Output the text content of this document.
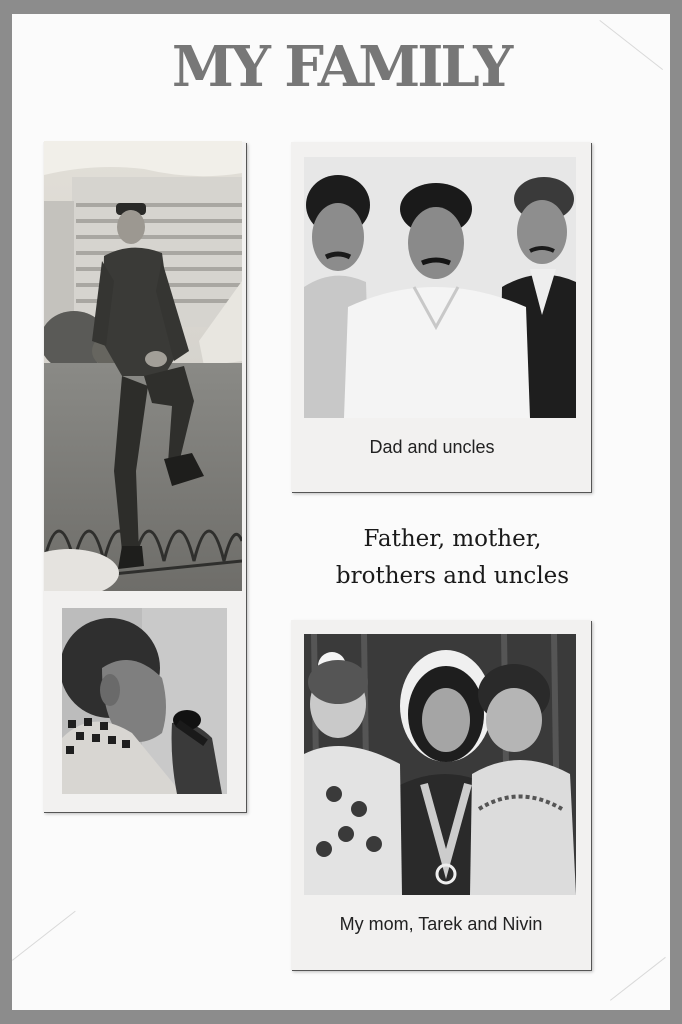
MY FAMILY

Dad and uncles

Father, mother,
brothers and uncles

My mom, Tarek and Nivin
